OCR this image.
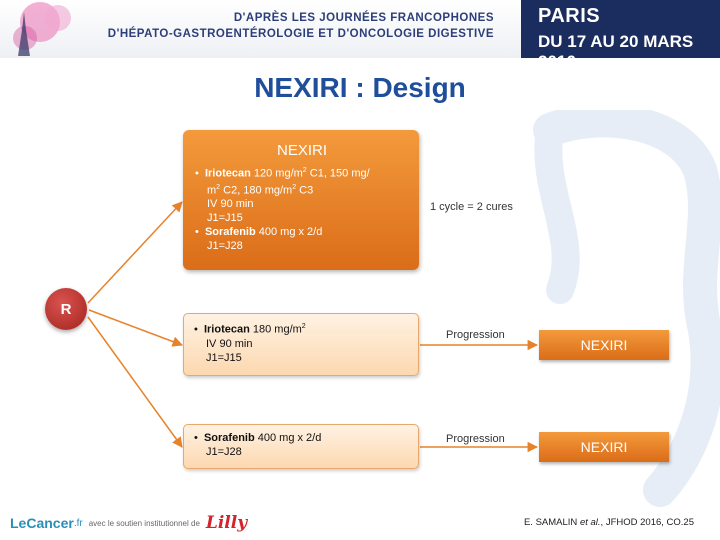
D'APRÈS LES JOURNÉES FRANCOPHONES
D'HÉPATO-GASTROENTÉROLOGIE ET D'ONCOLOGIE DIGESTIVE
PARIS
DU 17 AU 20 MARS 2016
NEXIRI : Design
R
NEXIRI
•  Iriotecan 120 $mg/m^2$ C1, 150 mg/
$m^2$ C2, 180 $mg/m^2$ C3
IV 90 min
J1=J15
•  Sorafenib 400 mg x 2/d
J1=J28
1 cycle = 2 cures
•  Iriotecan 180 $mg/m^2$
IV 90 min
J1=J15
Progression
NEXIRI
•  Sorafenib 400 mg x 2/d
J1=J28
Progression	NEXIRI
Le Cancer .fr avec le soutien institutionnel de Lilly	E. SAMALIN et al., JFHOD 2016, CO.25
